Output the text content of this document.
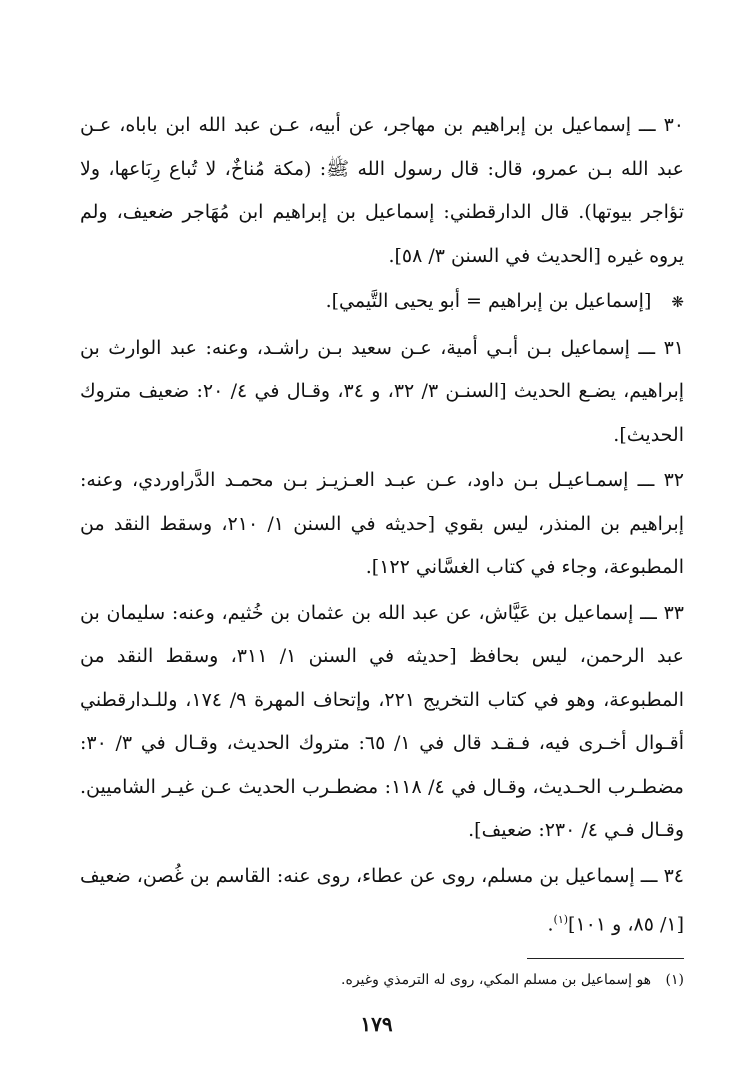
٣٠ ـــ إسماعيل بن إبراهيم بن مهاجر، عن أبيه، عـن عبد الله ابن باباه، عـن عبد الله بـن عمرو، قال: قال رسول الله ﷺ: (مكة مُناخٌ، لا تُباع رِبَاعها، ولا تؤاجر بيوتها). قال الدارقطني: إسماعيل بن إبراهيم ابن مُهَاجر ضعيف، ولم يروه غيره [الحديث في السنن ٣/ ٥٨].

❋ [إسماعيل بن إبراهيم = أبو يحيى التَّيمي].

٣١ ـــ إسماعيل بـن أبـي أمية، عـن سعيد بـن راشـد، وعنه: عبد الوارث بن إبراهيم، يضـع الحديث [السنـن ٣/ ٣٢، و ٣٤، وقـال في ٤/ ٢٠: ضعيف متروك الحديث].

٣٢ ـــ إسمـاعيـل بـن داود، عـن عبـد العـزيـز بـن محمـد الدَّراوردي، وعنه: إبراهيم بن المنذر، ليس بقوي [حديثه في السنن ١/ ٢١٠، وسقط النقد من المطبوعة، وجاء في كتاب الغسَّاني ١٢٢].

٣٣ ـــ إسماعيل بن عَيَّاش، عن عبد الله بن عثمان بن خُثيم، وعنه: سليمان بن عبد الرحمن، ليس بحافظ [حديثه في السنن ١/ ٣١١، وسقط النقد من المطبوعة، وهو في كتاب التخريج ٢٢١، وإتحاف المهرة ٩/ ١٧٤، وللـدارقطني أقـوال أخـرى فيه، فـقـد قال في ١/ ٦٥: متروك الحديث، وقـال في ٣/ ٣٠: مضطـرب الحـديث، وقـال في ٤/ ١١٨: مضطـرب الحديث عـن غيـر الشاميين. وقـال فـي ٤/ ٢٣٠: ضعيف].

٣٤ ـــ إسماعيل بن مسلم، روى عن عطاء، روى عنه: القاسم بن غُصن، ضعيف [١/ ٨٥، و ١٠١]$^{(١)}$.

(١) هو إسماعيل بن مسلم المكي، روى له الترمذي وغيره.
١٧٩
